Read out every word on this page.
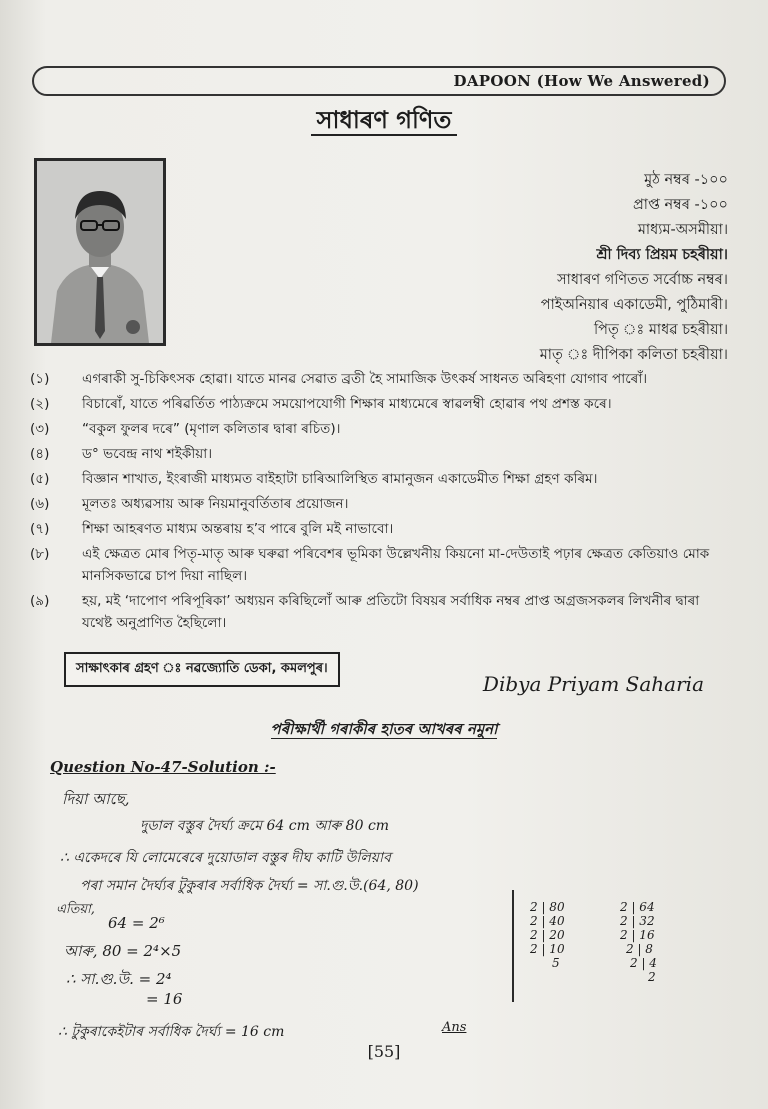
DAPOON (How We Answered)
সাধাৰণ গণিত
মুঠ নম্বৰ -১০০
প্ৰাপ্ত নম্বৰ -১০০
মাধ্যম-অসমীয়া।
শ্ৰী দিব্য প্ৰিয়ম চহৰীয়া।
সাধাৰণ গণিতত সৰ্বোচ্চ নম্বৰ।
পাইঅনিয়াৰ একাডেমী, পুঠিমাৰী।
পিতৃ ঃ মাধৱ চহৰীয়া।
মাতৃ ঃ দীপিকা কলিতা চহৰীয়া।
(১)	এগৰাকী সু-চিকিৎসক হোৱা। যাতে মানৱ সেৱাত ব্ৰতী হৈ সামাজিক উৎকৰ্ষ সাধনত অৰিহণা যোগাব পাৰোঁ।
(২)	বিচাৰোঁ, যাতে পৰিৱৰ্তিত পাঠ্যক্ৰমে সময়োপযোগী শিক্ষাৰ মাধ্যমেৰে স্বাৱলম্বী হোৱাৰ পথ প্ৰশস্ত কৰে।
(৩)	“বকুল ফুলৰ দৰে” (মৃণাল কলিতাৰ দ্বাৰা ৰচিত)।
(৪)	ড° ভবেন্দ্ৰ নাথ শইকীয়া।
(৫)	বিজ্ঞান শাখাত, ইংৰাজী মাধ্যমত বাইহাটা চাৰিআলিস্থিত ৰামানুজন একাডেমীত শিক্ষা গ্ৰহণ কৰিম।
(৬)	মূলতঃ অধ্যৱসায় আৰু নিয়মানুবৰ্তিতাৰ প্ৰয়োজন।
(৭)	শিক্ষা আহৰণত মাধ্যম অন্তৰায় হ’ব পাৰে বুলি মই নাভাবো।
(৮)	এই ক্ষেত্ৰত মোৰ পিতৃ-মাতৃ আৰু ঘৰুৱা পৰিবেশৰ ভূমিকা উল্লেখনীয় কিয়নো মা-দেউতাই পঢ়াৰ ক্ষেত্ৰত কেতিয়াও মোক মানসিকভাৱে চাপ দিয়া নাছিল।
(৯)	হয়, মই ‘দাপোণ পৰিপূৰিকা’ অধ্যয়ন কৰিছিলোঁ আৰু প্ৰতিটো বিষয়ৰ সৰ্বাধিক নম্বৰ প্ৰাপ্ত অগ্ৰজসকলৰ লিখনীৰ দ্বাৰা যথেষ্ট অনুপ্ৰাণিত হৈছিলো।
সাক্ষাৎকাৰ গ্ৰহণ ঃ নৱজ্যোতি ডেকা, কমলপুৰ।
Dibya Priyam Saharia
পৰীক্ষাৰ্থী গৰাকীৰ হাতৰ আখৰৰ নমুনা
Question No-47-Solution :-
দিয়া আছে,
দুডাল বস্তুৰ দৈৰ্ঘ্য ক্ৰমে 64 cm আৰু 80 cm
∴ একেদৰে যি লোমেৰেৰে দুয়োডাল বস্তুৰ দীঘ কাটি উলিয়াব
পৰা সমান দৈৰ্ঘ্যৰ টুকুৰাৰ সৰ্বাধিক দৈৰ্ঘ্য = সা.গু.উ.(64, 80)
এতিয়া,
64 = 2⁶
আৰু, 80 = 2⁴×5
∴ সা.গু.উ. = 2⁴
= 16
∴ টুকুৰাকেইটাৰ সৰ্বাধিক দৈৰ্ঘ্য = 16 cm	Ans
2 | 80
2 | 40
2 | 20
2 | 10
5
2 | 64
2 | 32
2 | 16
2 | 8
2 | 4
2
[55]
